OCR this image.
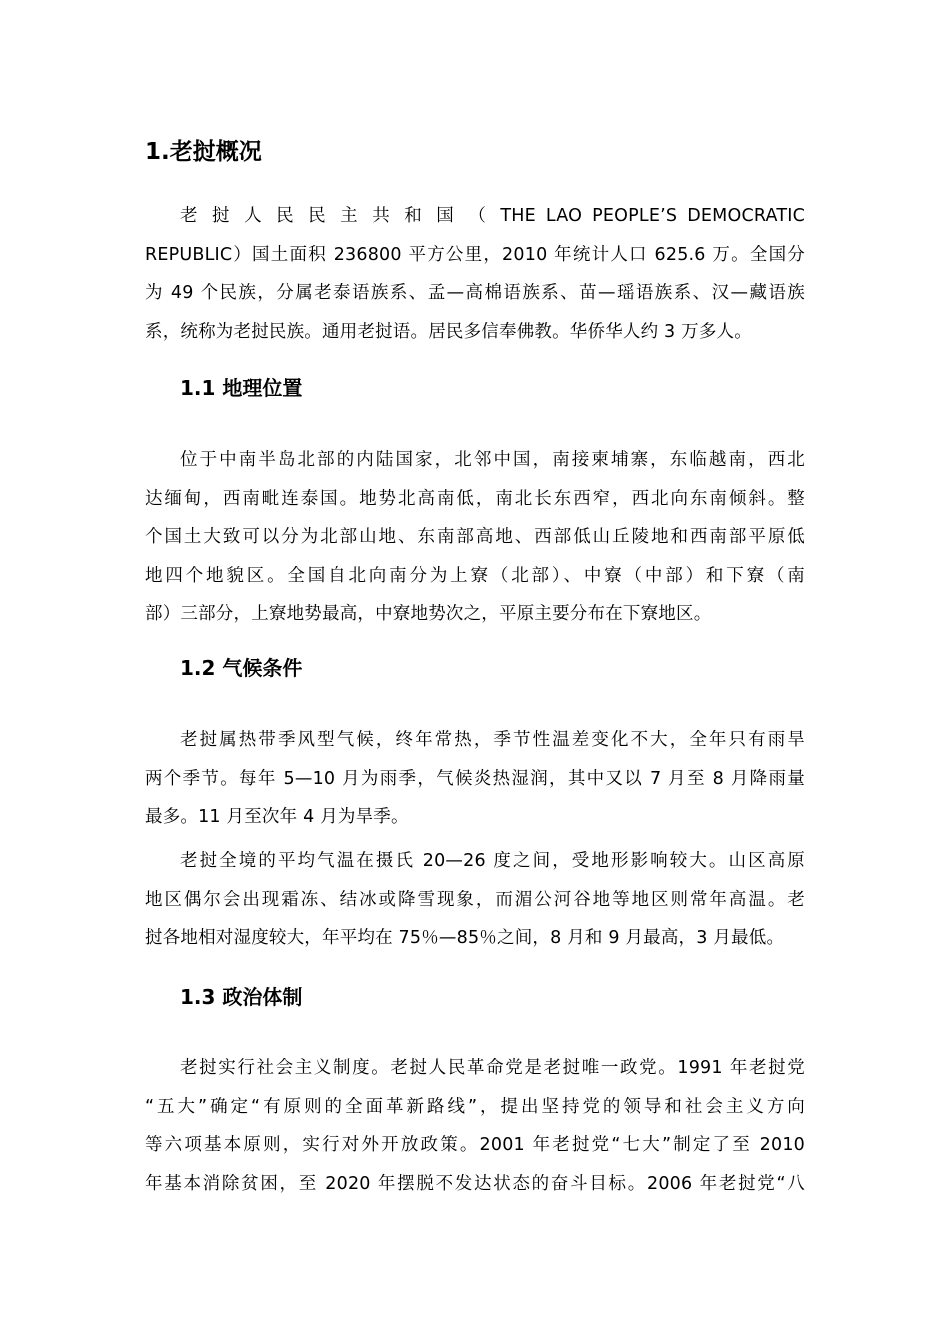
1.老挝概况
老 挝 人 民 民 主 共 和 国 （ THE LAO PEOPLE’S DEMOCRATIC
REPUBLIC）国土面积 236800 平方公里，2010 年统计人口 625.6 万。全国分
为 49 个民族，分属老泰语族系、孟—高棉语族系、苗—瑶语族系、汉—藏语族
系，统称为老挝民族。通用老挝语。居民多信奉佛教。华侨华人约 3 万多人。
1.1 地理位置
位于中南半岛北部的内陆国家，北邻中国，南接柬埔寨，东临越南，西北
达缅甸，西南毗连泰国。地势北高南低，南北长东西窄，西北向东南倾斜。整
个国土大致可以分为北部山地、东南部高地、西部低山丘陵地和西南部平原低
地四个地貌区。全国自北向南分为上寮（北部）、中寮（中部）和下寮（南
部）三部分，上寮地势最高，中寮地势次之，平原主要分布在下寮地区。
1.2 气候条件
老挝属热带季风型气候，终年常热，季节性温差变化不大，全年只有雨旱
两个季节。每年 5—10 月为雨季，气候炎热湿润，其中又以 7 月至 8 月降雨量
最多。11 月至次年 4 月为旱季。
老挝全境的平均气温在摄氏 20—26 度之间，受地形影响较大。山区高原
地区偶尔会出现霜冻、结冰或降雪现象，而湄公河谷地等地区则常年高温。老
挝各地相对湿度较大，年平均在 75％—85％之间，8 月和 9 月最高，3 月最低。
1.3 政治体制
老挝实行社会主义制度。老挝人民革命党是老挝唯一政党。1991 年老挝党
“五大”确定“有原则的全面革新路线”，提出坚持党的领导和社会主义方向
等六项基本原则，实行对外开放政策。2001 年老挝党“七大”制定了至 2010
年基本消除贫困，至 2020 年摆脱不发达状态的奋斗目标。2006 年老挝党“八
